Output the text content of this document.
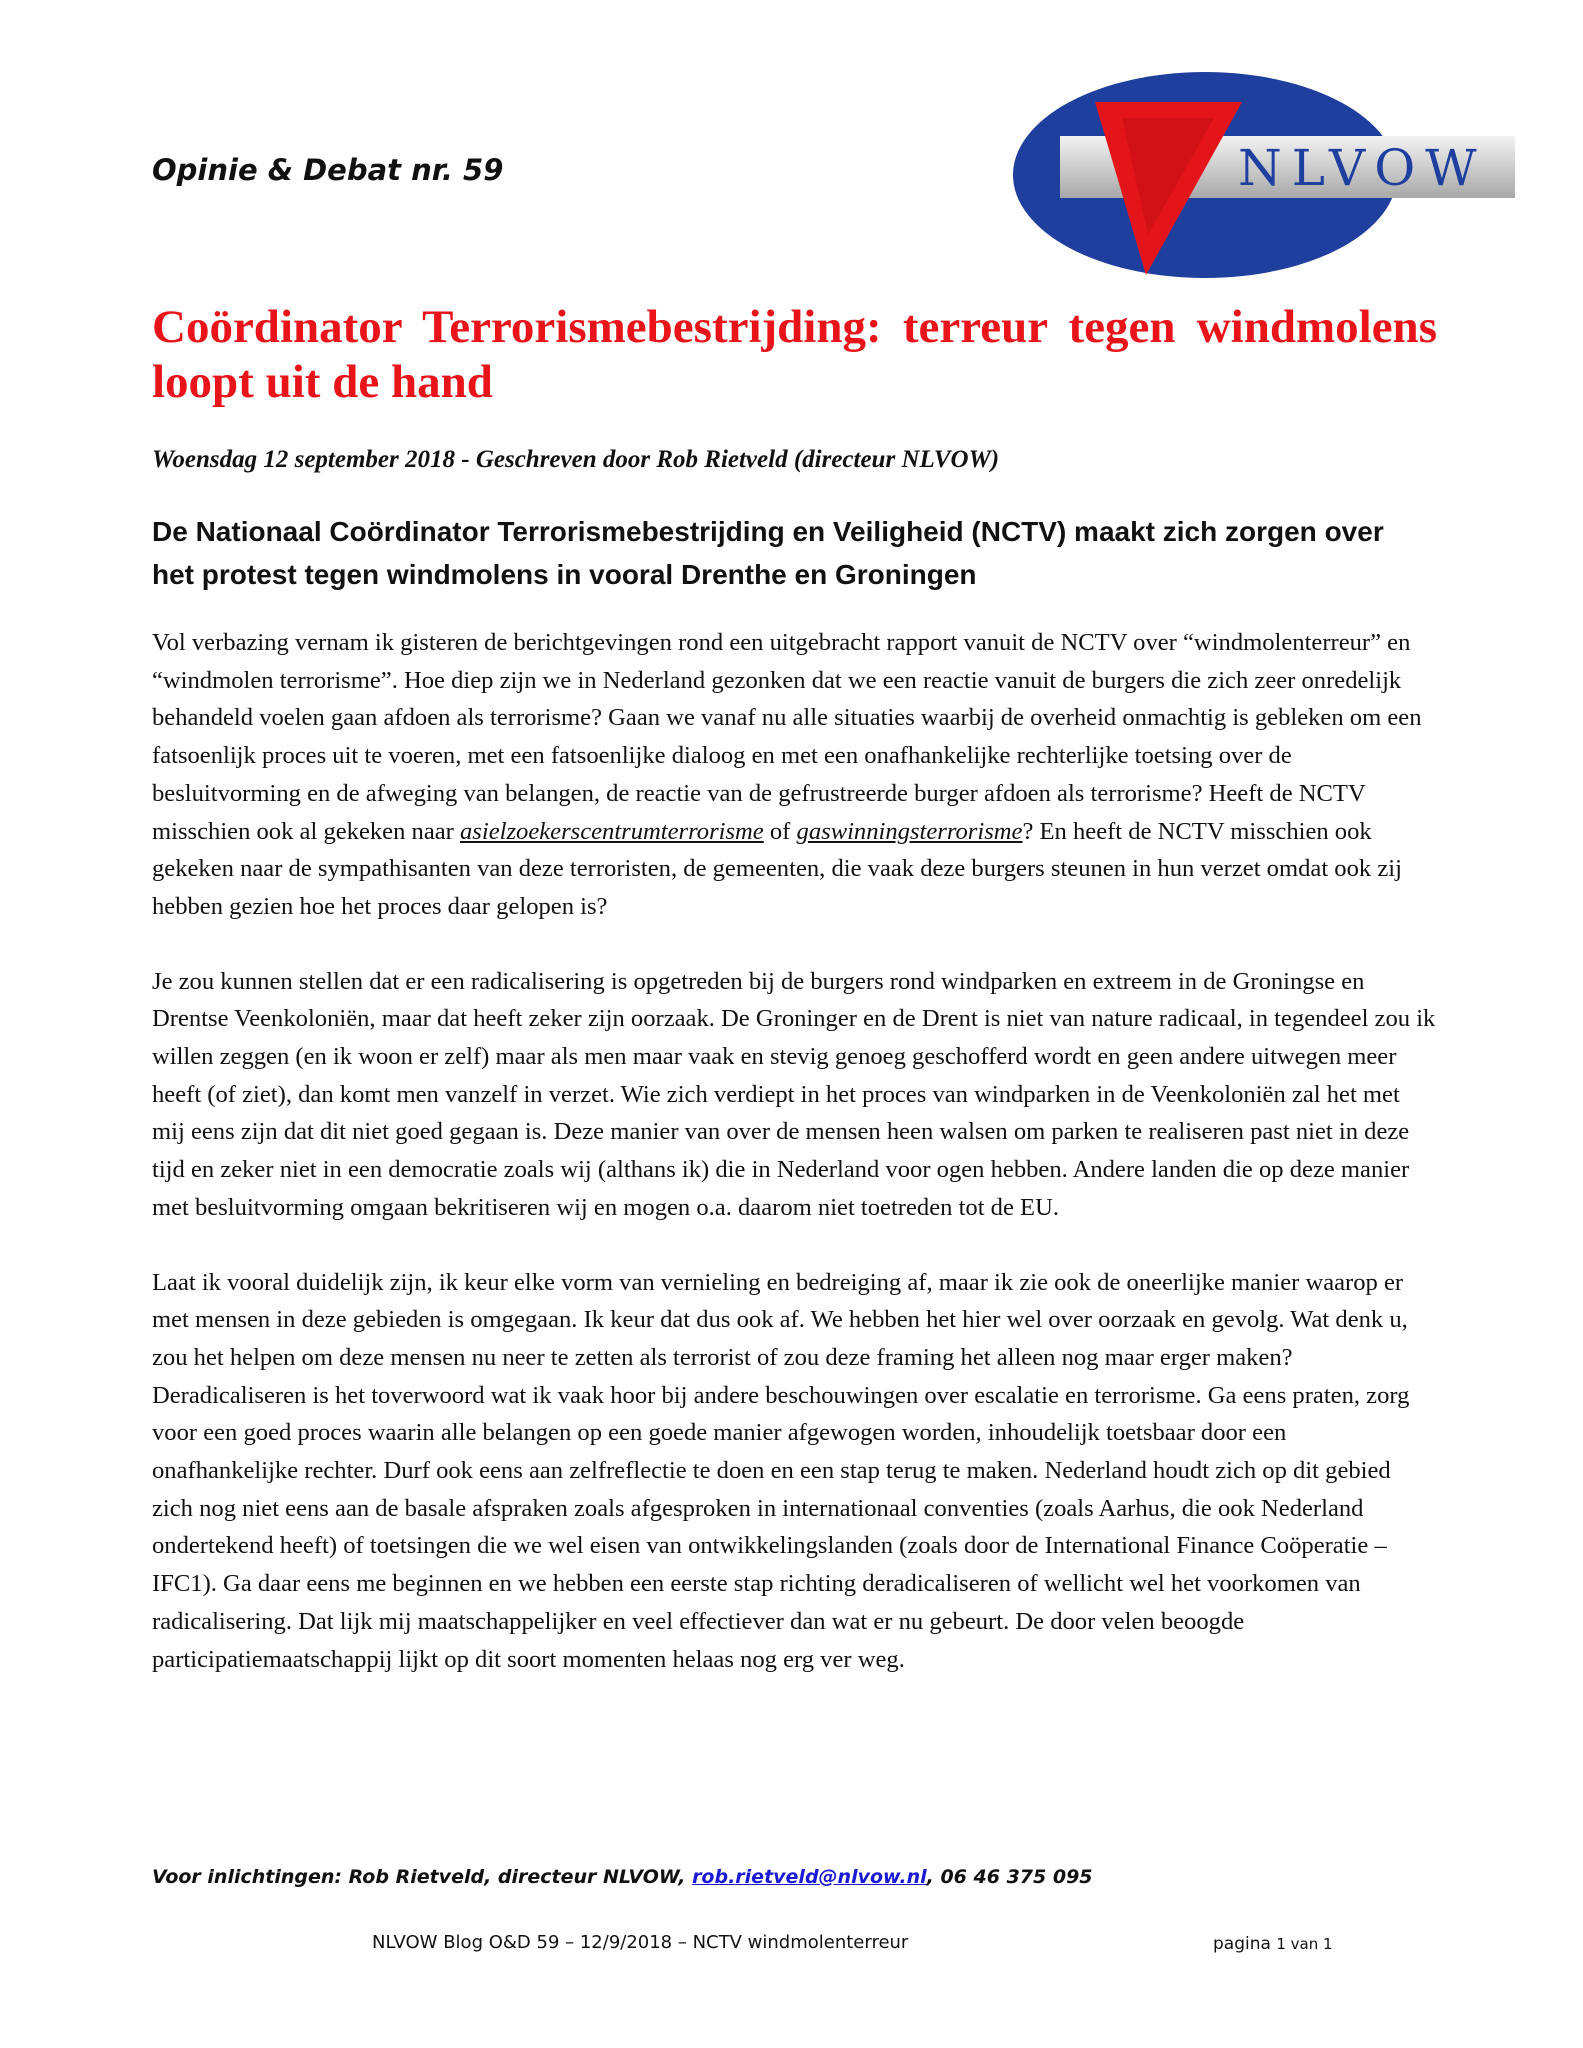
Opinie & Debat nr. 59	NLVOW
Coördinator Terrorismebestrijding: terreur tegen windmolens loopt uit de hand

Woensdag 12 september 2018 - Geschreven door Rob Rietveld (directeur NLVOW)

De Nationaal Coördinator Terrorismebestrijding en Veiligheid (NCTV) maakt zich zorgen over het protest tegen windmolens in vooral Drenthe en Groningen

Vol verbazing vernam ik gisteren de berichtgevingen rond een uitgebracht rapport vanuit de NCTV over “windmolenterreur” en “windmolen terrorisme”. Hoe diep zijn we in Nederland gezonken dat we een reactie vanuit de burgers die zich zeer onredelijk behandeld voelen gaan afdoen als terrorisme? Gaan we vanaf nu alle situaties waarbij de overheid onmachtig is gebleken om een fatsoenlijk proces uit te voeren, met een fatsoenlijke dialoog en met een onafhankelijke rechterlijke toetsing over de besluitvorming en de afweging van belangen, de reactie van de gefrustreerde burger afdoen als terrorisme? Heeft de NCTV misschien ook al gekeken naar asielzoekerscentrumterrorisme of gaswinningsterrorisme? En heeft de NCTV misschien ook gekeken naar de sympathisanten van deze terroristen, de gemeenten, die vaak deze burgers steunen in hun verzet omdat ook zij hebben gezien hoe het proces daar gelopen is?

Je zou kunnen stellen dat er een radicalisering is opgetreden bij de burgers rond windparken en extreem in de Groningse en Drentse Veenkoloniën, maar dat heeft zeker zijn oorzaak. De Groninger en de Drent is niet van nature radicaal, in tegendeel zou ik willen zeggen (en ik woon er zelf) maar als men maar vaak en stevig genoeg geschofferd wordt en geen andere uitwegen meer heeft (of ziet), dan komt men vanzelf in verzet. Wie zich verdiept in het proces van windparken in de Veenkoloniën zal het met mij eens zijn dat dit niet goed gegaan is. Deze manier van over de mensen heen walsen om parken te realiseren past niet in deze tijd en zeker niet in een democratie zoals wij (althans ik) die in Nederland voor ogen hebben. Andere landen die op deze manier met besluitvorming omgaan bekritiseren wij en mogen o.a. daarom niet toetreden tot de EU.

Laat ik vooral duidelijk zijn, ik keur elke vorm van vernieling en bedreiging af, maar ik zie ook de oneerlijke manier waarop er met mensen in deze gebieden is omgegaan. Ik keur dat dus ook af. We hebben het hier wel over oorzaak en gevolg. Wat denk u, zou het helpen om deze mensen nu neer te zetten als terrorist of zou deze framing het alleen nog maar erger maken? Deradicaliseren is het toverwoord wat ik vaak hoor bij andere beschouwingen over escalatie en terrorisme. Ga eens praten, zorg voor een goed proces waarin alle belangen op een goede manier afgewogen worden, inhoudelijk toetsbaar door een onafhankelijke rechter. Durf ook eens aan zelfreflectie te doen en een stap terug te maken. Nederland houdt zich op dit gebied zich nog niet eens aan de basale afspraken zoals afgesproken in internationaal conventies (zoals Aarhus, die ook Nederland ondertekend heeft) of toetsingen die we wel eisen van ontwikkelingslanden (zoals door de International Finance Coöperatie – IFC1). Ga daar eens me beginnen en we hebben een eerste stap richting deradicaliseren of wellicht wel het voorkomen van radicalisering. Dat lijk mij maatschappelijker en veel effectiever dan wat er nu gebeurt. De door velen beoogde participatiemaatschappij lijkt op dit soort momenten helaas nog erg ver weg.

Voor inlichtingen: Rob Rietveld, directeur NLVOW, rob.rietveld@nlvow.nl, 06 46 375 095

NLVOW Blog O&D 59 – 12/9/2018 – NCTV windmolenterreur	pagina 1 van 1
